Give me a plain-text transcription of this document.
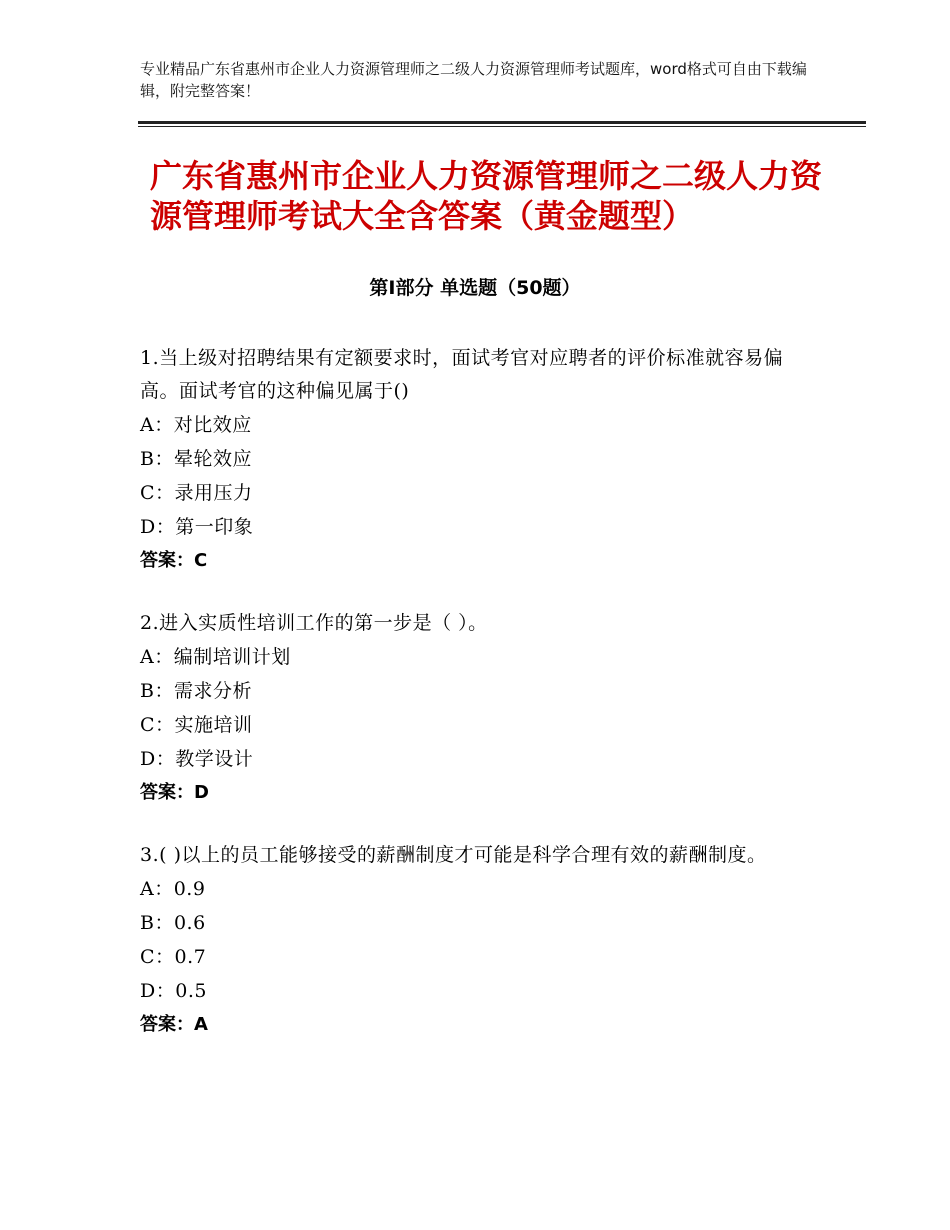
专业精品广东省惠州市企业人力资源管理师之二级人力资源管理师考试题库，word格式可自由下载编辑，附完整答案！
广东省惠州市企业人力资源管理师之二级人力资源管理师考试大全含答案（黄金题型）
第Ⅰ部分 单选题（50题）

1.当上级对招聘结果有定额要求时，面试考官对应聘者的评价标准就容易偏高。面试考官的这种偏见属于()

A：对比效应

B：晕轮效应

C：录用压力

D：第一印象

答案：C

2.进入实质性培训工作的第一步是（ ）。

A：编制培训计划

B：需求分析

C：实施培训

D：教学设计

答案：D

3.( )以上的员工能够接受的薪酬制度才可能是科学合理有效的薪酬制度。

A：0.9

B：0.6

C：0.7

D：0.5

答案：A
